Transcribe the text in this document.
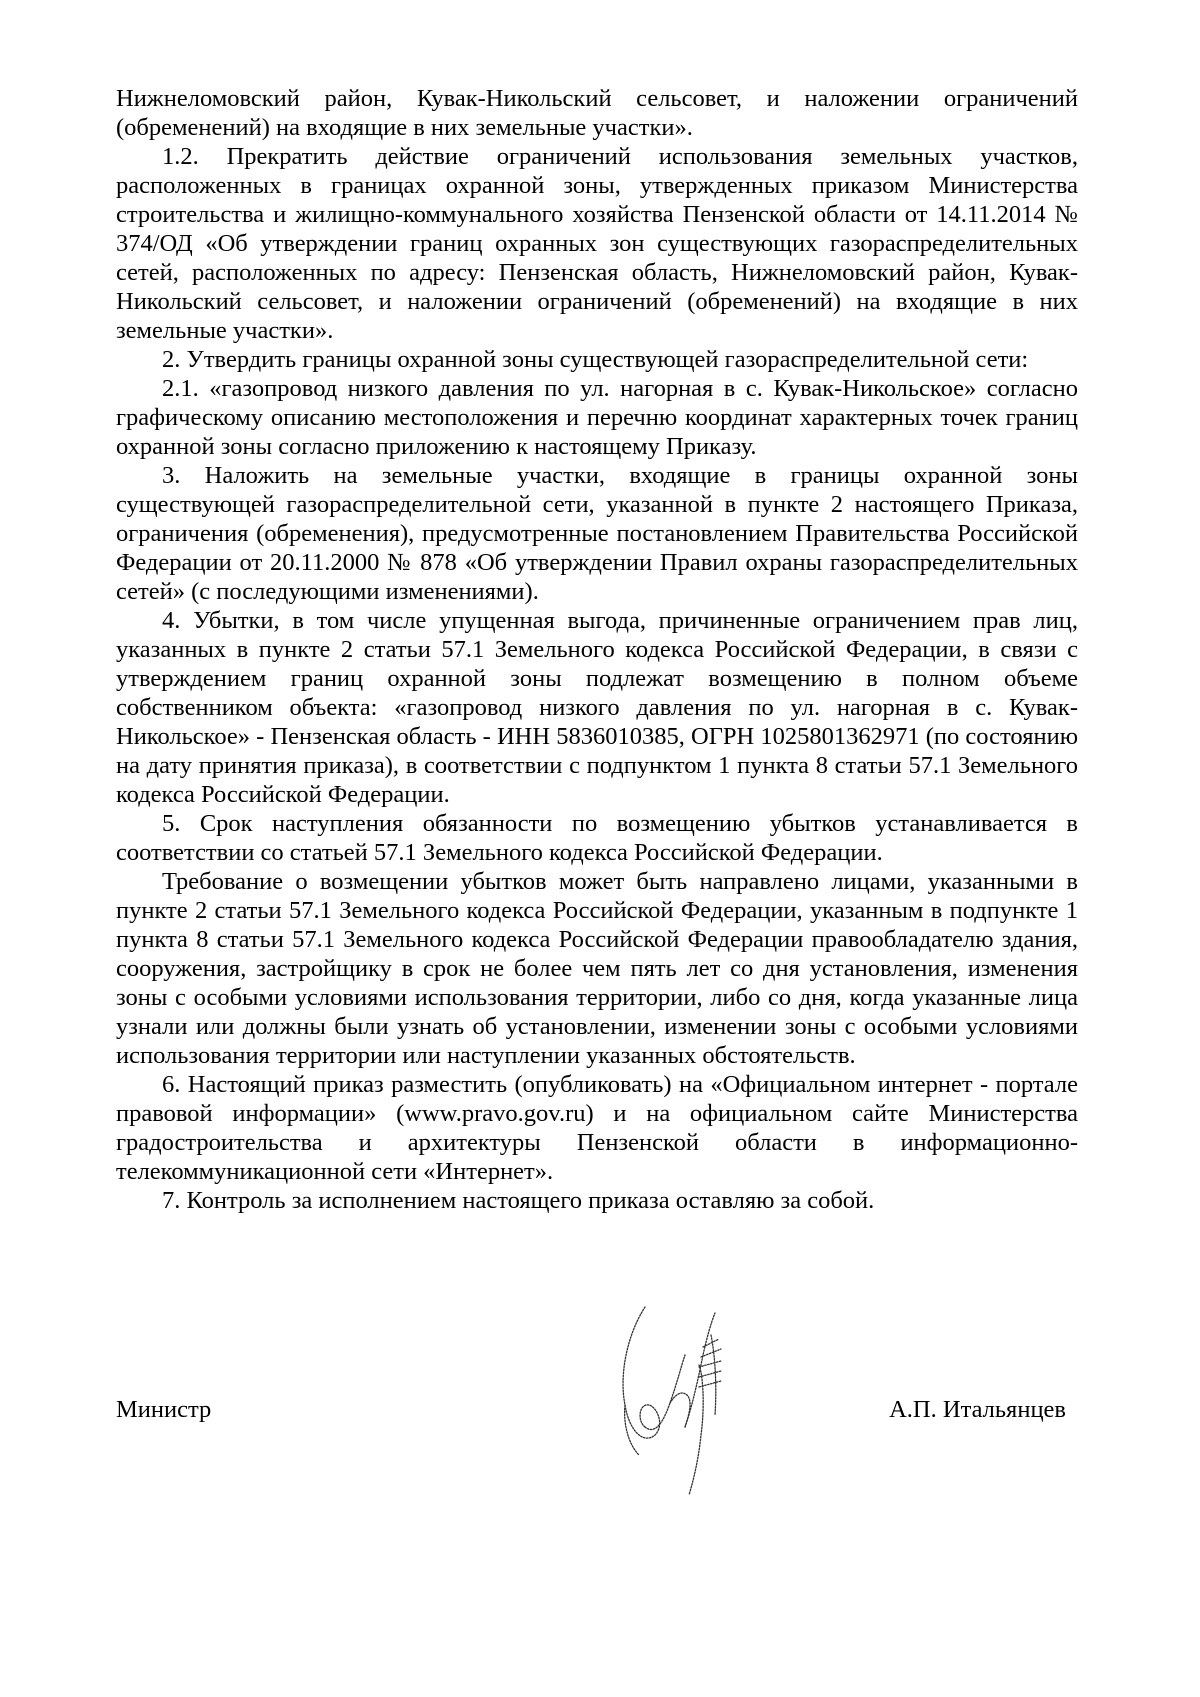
Нижнеломовский район, Кувак-Никольский сельсовет, и наложении ограничений (обременений) на входящие в них земельные участки».

1.2. Прекратить действие ограничений использования земельных участков, расположенных в границах охранной зоны, утвержденных приказом Министерства строительства и жилищно-коммунального хозяйства Пензенской области от 14.11.2014 № 374/ОД «Об утверждении границ охранных зон существующих газораспределительных сетей, расположенных по адресу: Пензенская область, Нижнеломовский район, Кувак-Никольский сельсовет, и наложении ограничений (обременений) на входящие в них земельные участки».

2. Утвердить границы охранной зоны существующей газораспределительной сети:

2.1. «газопровод низкого давления по ул. нагорная в с. Кувак-Никольское» согласно графическому описанию местоположения и перечню координат характерных точек границ охранной зоны согласно приложению к настоящему Приказу.

3. Наложить на земельные участки, входящие в границы охранной зоны существующей газораспределительной сети, указанной в пункте 2 настоящего Приказа, ограничения (обременения), предусмотренные постановлением Правительства Российской Федерации от 20.11.2000 № 878 «Об утверждении Правил охраны газораспределительных сетей» (с последующими изменениями).

4. Убытки, в том числе упущенная выгода, причиненные ограничением прав лиц, указанных в пункте 2 статьи 57.1 Земельного кодекса Российской Федерации, в связи с утверждением границ охранной зоны подлежат возмещению в полном объеме собственником объекта: «газопровод низкого давления по ул. нагорная в с. Кувак-Никольское» - Пензенская область - ИНН 5836010385, ОГРН 1025801362971 (по состоянию на дату принятия приказа), в соответствии с подпунктом 1 пункта 8 статьи 57.1 Земельного кодекса Российской Федерации.

5. Срок наступления обязанности по возмещению убытков устанавливается в соответствии со статьей 57.1 Земельного кодекса Российской Федерации.

Требование о возмещении убытков может быть направлено лицами, указанными в пункте 2 статьи 57.1 Земельного кодекса Российской Федерации, указанным в подпункте 1 пункта 8 статьи 57.1 Земельного кодекса Российской Федерации правообладателю здания, сооружения, застройщику в срок не более чем пять лет со дня установления, изменения зоны с особыми условиями использования территории, либо со дня, когда указанные лица узнали или должны были узнать об установлении, изменении зоны с особыми условиями использования территории или наступлении указанных обстоятельств.

6. Настоящий приказ разместить (опубликовать) на «Официальном интернет - портале правовой информации» (www.pravo.gov.ru) и на официальном сайте Министерства градостроительства и архитектуры Пензенской области в информационно-телекоммуникационной сети «Интернет».

7. Контроль за исполнением настоящего приказа оставляю за собой.

Министр	А.П. Итальянцев
